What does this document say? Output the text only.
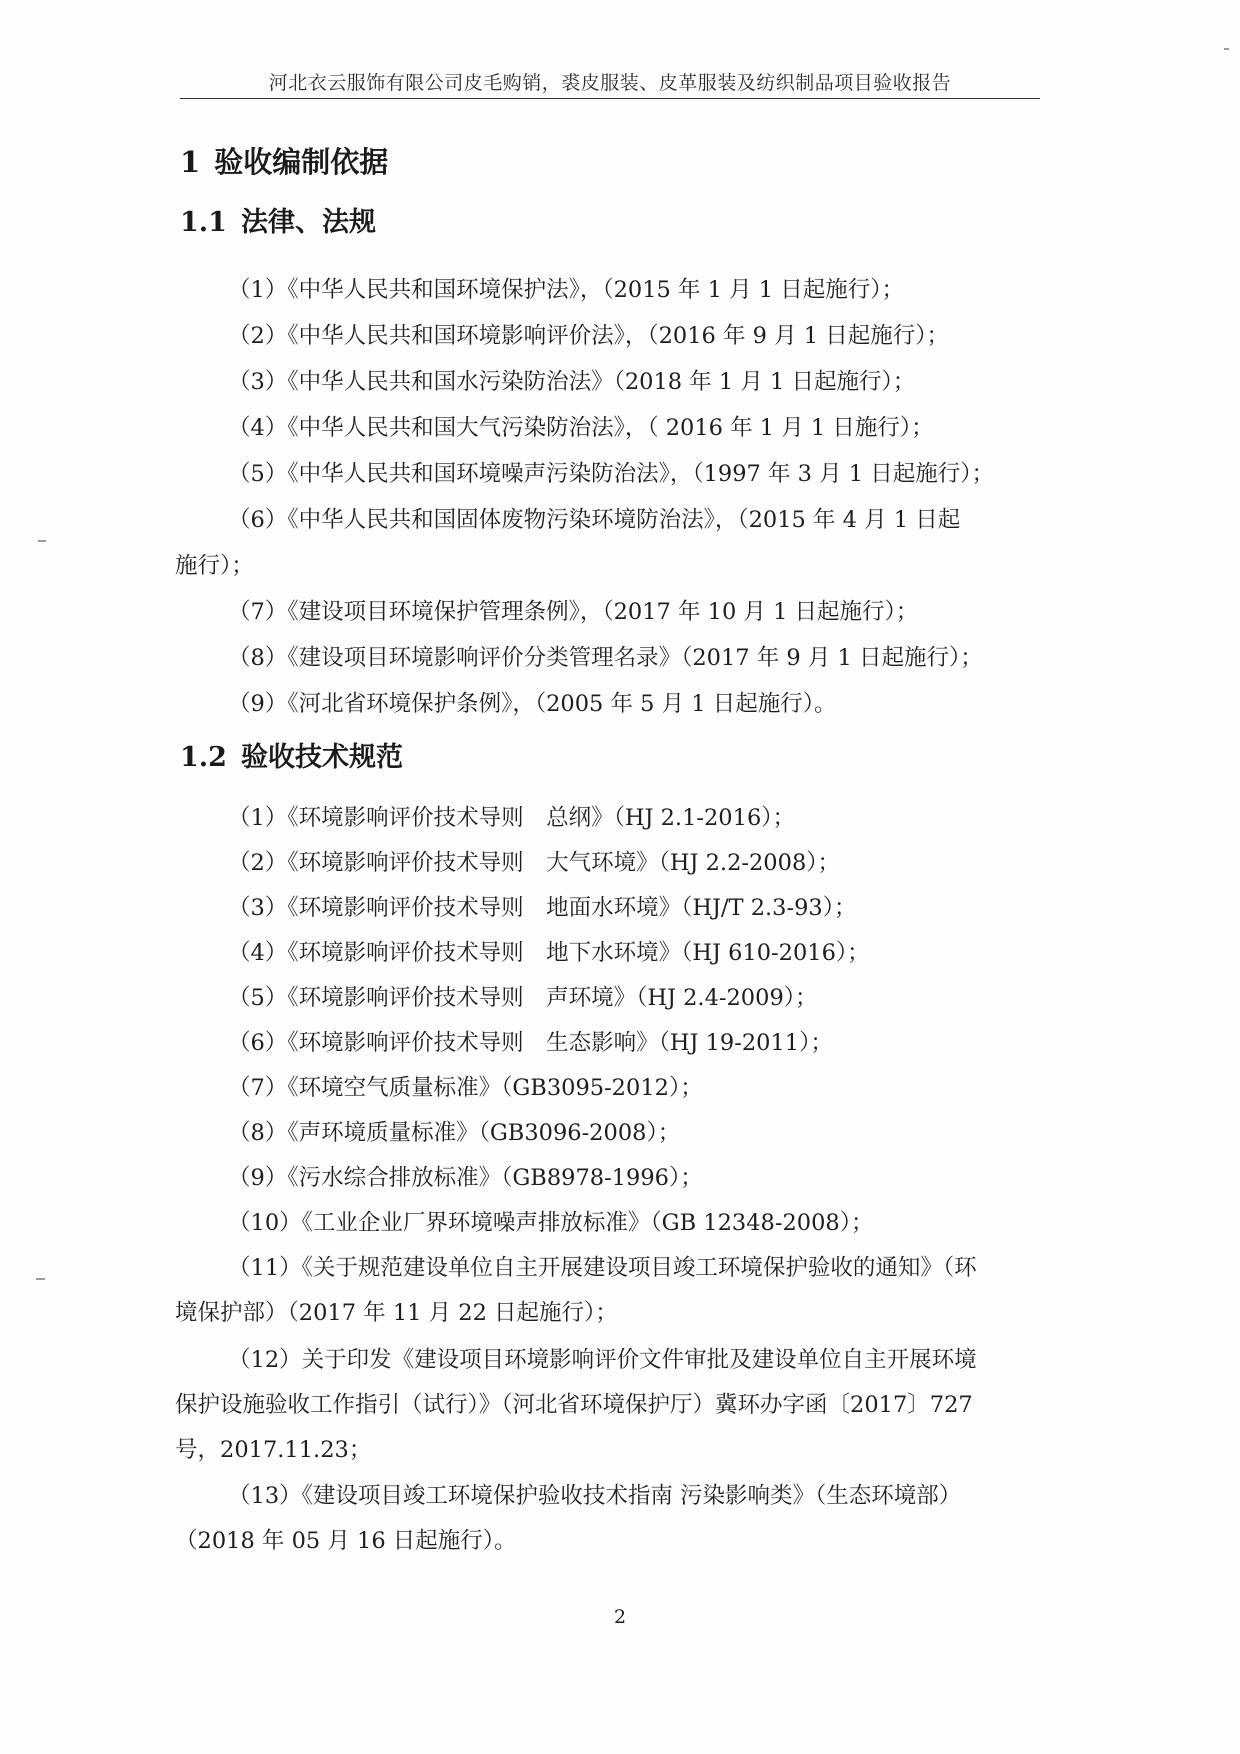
河北衣云服饰有限公司皮毛购销，裘皮服装、皮革服装及纺织制品项目验收报告
1 验收编制依据
1.1 法律、法规
（1）《中华人民共和国环境保护法》，（2015 年 1 月 1 日起施行）；
（2）《中华人民共和国环境影响评价法》，（2016 年 9 月 1 日起施行）；
（3）《中华人民共和国水污染防治法》（2018 年 1 月 1 日起施行）；
（4）《中华人民共和国大气污染防治法》，（ 2016 年 1 月 1 日施行）；
（5）《中华人民共和国环境噪声污染防治法》，（1997 年 3 月 1 日起施行）；
（6）《中华人民共和国固体废物污染环境防治法》，（2015 年 4 月 1 日起
施行）；
（7）《建设项目环境保护管理条例》，（2017 年 10 月 1 日起施行）；
（8）《建设项目环境影响评价分类管理名录》（2017 年 9 月 1 日起施行）；
（9）《河北省环境保护条例》，（2005 年 5 月 1 日起施行）。
1.2 验收技术规范
（1）《环境影响评价技术导则　总纲》（HJ 2.1-2016）；
（2）《环境影响评价技术导则　大气环境》（HJ 2.2-2008）；
（3）《环境影响评价技术导则　地面水环境》（HJ/T 2.3-93）；
（4）《环境影响评价技术导则　地下水环境》（HJ 610-2016）；
（5）《环境影响评价技术导则　声环境》（HJ 2.4-2009）；
（6）《环境影响评价技术导则　生态影响》（HJ 19-2011）；
（7）《环境空气质量标准》（GB3095-2012）；
（8）《声环境质量标准》（GB3096-2008）；
（9）《污水综合排放标准》（GB8978-1996）；
（10）《工业企业厂界环境噪声排放标准》（GB 12348-2008）；
（11）《关于规范建设单位自主开展建设项目竣工环境保护验收的通知》（环
境保护部）（2017 年 11 月 22 日起施行）；
（12）关于印发《建设项目环境影响评价文件审批及建设单位自主开展环境
保护设施验收工作指引（试行）》（河北省环境保护厅）冀环办字函〔2017〕727
号，2017.11.23；
（13）《建设项目竣工环境保护验收技术指南 污染影响类》（生态环境部）
（2018 年 05 月 16 日起施行）。
2
